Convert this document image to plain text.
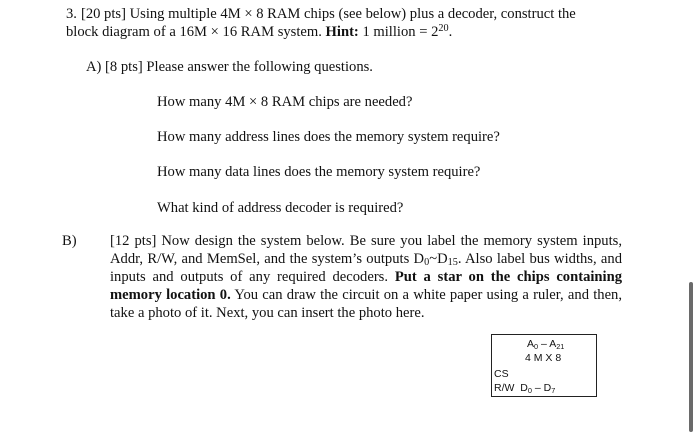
3. [20 pts] Using multiple 4M × 8 RAM chips (see below) plus a decoder, construct the
block diagram of a 16M × 16 RAM system. Hint: 1 million = $2^{20}$.
A) [8 pts] Please answer the following questions.
How many 4M × 8 RAM chips are needed?
How many address lines does the memory system require?
How many data lines does the memory system require?
What kind of address decoder is required?

B) [12 pts] Now design the system below. Be sure you label the memory system inputs, Addr, R/W, and MemSel, and the system’s outputs $D_0\sim D_{15}$. Also label bus widths, and inputs and outputs of any required decoders. Put a star on the chips containing memory location 0. You can draw the circuit on a white paper using a ruler, and then, take a photo of it. Next, you can insert the photo here.

$A_0 - A_{21}$
4 M X 8
CS
R/W $D_0 - D_7$
